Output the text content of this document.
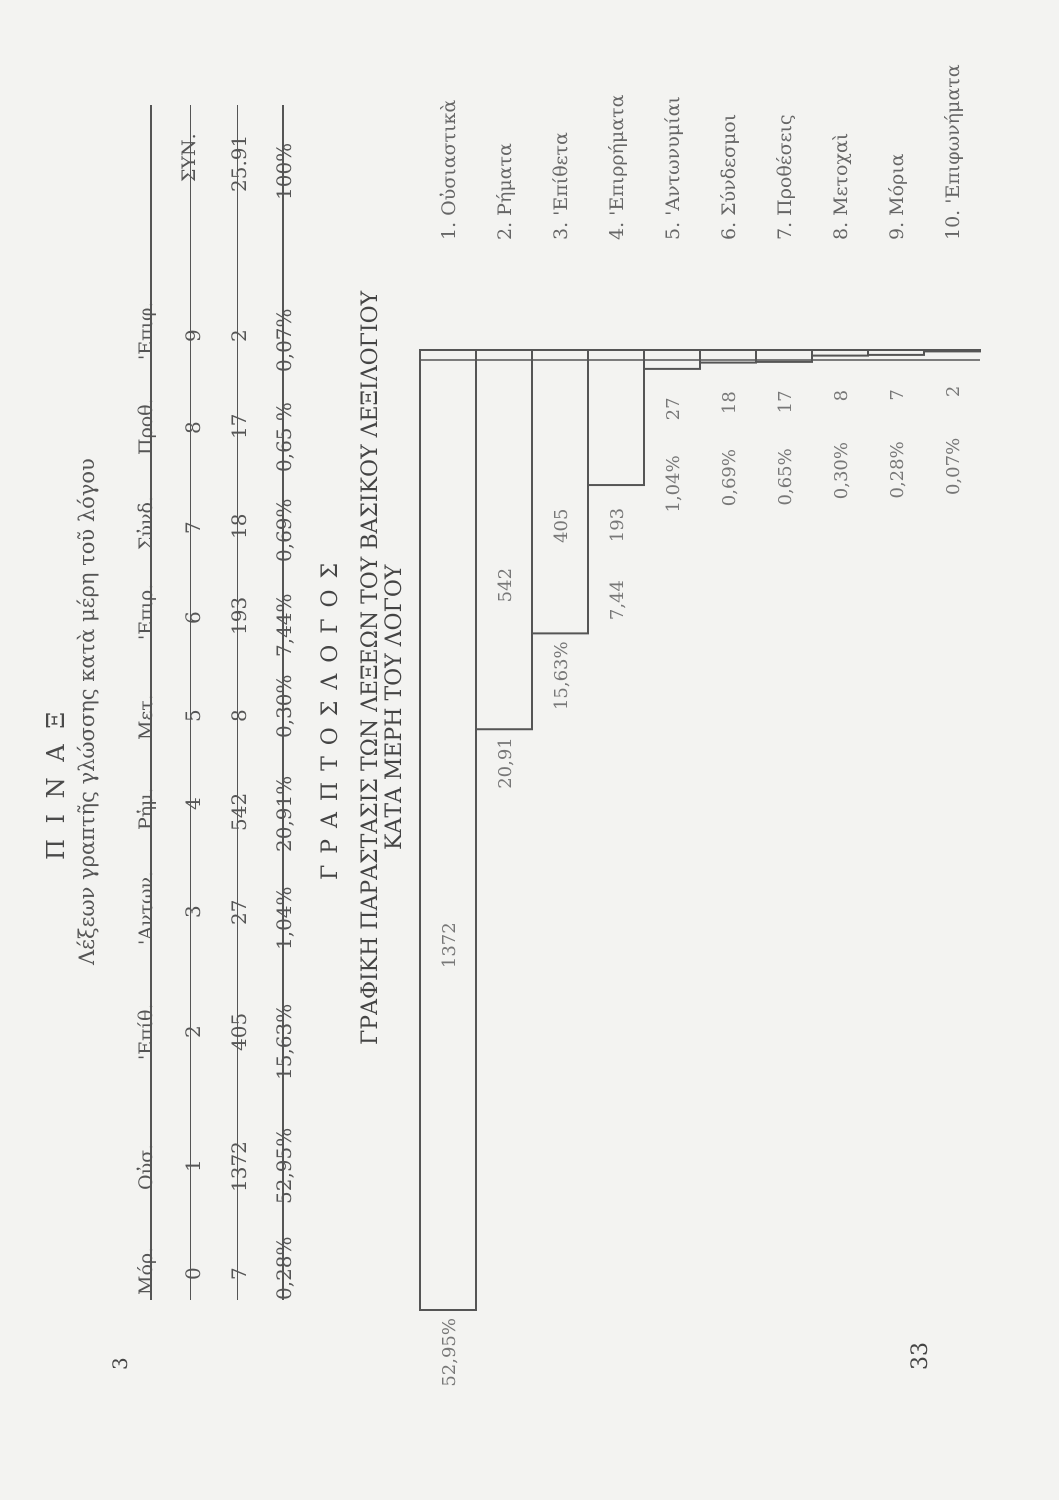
Π Ι Ν Α Ξ Λέξεων γραπτῆς γλώσσης κατὰ μέρη τοῦ λόγου
Μόρ.
Οὐσ.
'Επίθ.
'Αντων.
Ρἡμ.
Μετ.
'Επιρ.
Σὐνδ.
Προθ.
'Επιφ.
ΣΥΝ.
0
1
2
3
4
5
6
7
8
9
7
1372
405
27
542
8
193
18
17
2
25.91
0,28%
52,95%
15,63%
1,04%
20,91%
0,30%
7,44%
0,69%
0,65 %
0,07%
100%
Γ Ρ Α Π Τ Ο Σ Λ Ο Γ Ο Σ ΓΡΑΦΙΚΗ ΠΑΡΑΣΤΑΣΙΣ ΤΩΝ ΛΕΞΕΩΝ ΤΟΥ ΒΑΣΙΚΟΥ ΛΕΞΙΛΟΓΙΟΥ ΚΑΤΑ ΜΕΡΗ ΤΟΥ ΛΟΓΟΥ
1. Οὐσιαστικὰ
1372
52,95%
2. Ρήματα
542
20,91
3. 'Επίθετα
405
15,63%
4. 'Επιρρήματα
193
7,44
5. 'Αντωνυμίαι
27
1,04%
6. Σύνδεσμοι
18
0,69%
7. Προθέσεις
17
0,65%
8. Μετοχαὶ
8
0,30%
9. Μόρια
7
0,28%
10. 'Επιφωνήματα
2
0,07%
3	33
